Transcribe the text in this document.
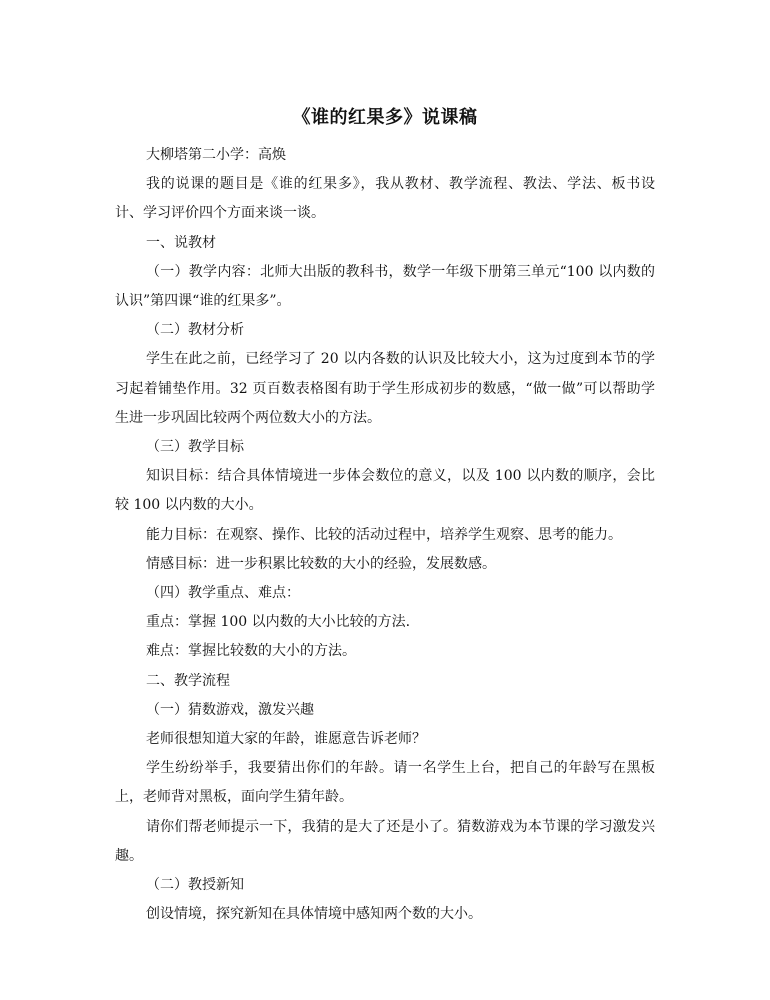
《谁的红果多》说课稿

大柳塔第二小学：高焕

我的说课的题目是《谁的红果多》，我从教材、教学流程、教法、学法、板书设计、学习评价四个方面来谈一谈。

一、说教材

（一）教学内容：北师大出版的教科书，数学一年级下册第三单元“100 以内数的认识”第四课“谁的红果多”。

（二）教材分析

学生在此之前，已经学习了 20 以内各数的认识及比较大小，这为过度到本节的学习起着铺垫作用。32 页百数表格图有助于学生形成初步的数感，“做一做”可以帮助学生进一步巩固比较两个两位数大小的方法。

（三）教学目标

知识目标：结合具体情境进一步体会数位的意义，以及 100 以内数的顺序，会比较 100 以内数的大小。

能力目标：在观察、操作、比较的活动过程中，培养学生观察、思考的能力。

情感目标：进一步积累比较数的大小的经验，发展数感。

（四）教学重点、难点：

重点：掌握 100 以内数的大小比较的方法.

难点：掌握比较数的大小的方法。

二、教学流程

（一）猜数游戏，激发兴趣

老师很想知道大家的年龄，谁愿意告诉老师？

学生纷纷举手，我要猜出你们的年龄。请一名学生上台，把自己的年龄写在黑板上，老师背对黑板，面向学生猜年龄。

请你们帮老师提示一下，我猜的是大了还是小了。猜数游戏为本节课的学习激发兴趣。

（二）教授新知

创设情境，探究新知在具体情境中感知两个数的大小。
